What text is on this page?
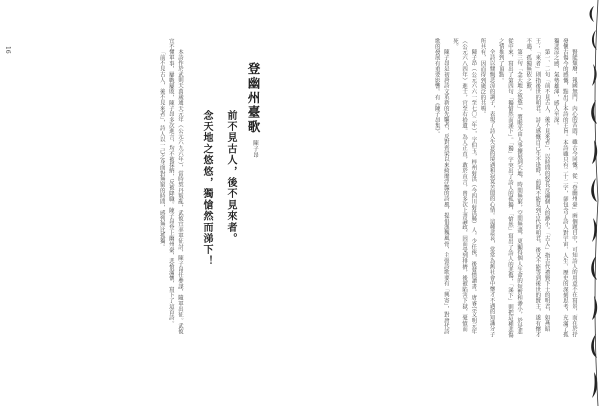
16	賢能頹廢，報國無門，內心的苦悶，雖古今同慨。從「登幽州臺」兩個題目中，可知詩人的用意不在寫景，而在於抒發懷古傷今的感慨，點出了本詩的主旨。本詩雖只有二十二字，卻包含了詩人對宇宙、人生、歷史的深刻思考，充滿了孤獨悲涼之感，氣勢雄渾，感人至深。

第一、二句「前不見古人，後不見來者」，以時間的悠長反襯個人的渺小。「古人」指古代禮賢下士的明君，如燕昭王；「來者」則指後世的明君。詩人感慨自己生不逢時，前既不能見到古代的明君，後又不能等到後世的賢主，遂有懷才不遇、孤獨無依之歎。

第三句「念天地之悠悠」，將眼光由人事擴展到天地，時間無窮，空間無盡，更顯得個人生命的短暫和渺小，於是悲從中來，寫出了第四句「獨愴然而涕下」。「獨」字突出了詩人的孤獨，「愴然」寫出了詩人的悲傷，「涕下」則把這種悲傷之情推到了頂點。

全詩以慷慨悲涼的調子，表現了詩人失意的境遇和寂寞苦悶的心情。這種悲哀，常常為舊社會中懷才不遇的知識分子所共有，因而得到廣泛的共鳴。

陳子昂（公元六六一至七〇二年），字伯玉，梓州射洪（今四川射洪縣）人。少任俠，後發憤讀書。唐睿宗文明元年（公元六八四年）進士，官至右拾遺。為人正直，敢於直言，曾多次上書論政，因而受到排擠，後被陷害下獄，憂憤而死。

陳子昂是初唐詩文革新的先驅者，反對齊梁以來綺靡浮豔的詩風，提倡漢魏風骨，主張詩歌要有「興寄」，對唐代詩歌的發展有重要影響。有《陳子昂集》。

登幽州臺歌
陳子昂
前不見古人，後不見來者。
念天地之悠悠，獨愴然而涕下！

本詩作於武則天萬歲通天元年（公元六九六年），當時契丹叛亂，武攸宜率軍征討，陳子昂任參謀，隨軍出征。武攸宜不懂軍事，屢戰屢敗，陳子昂多次進言，均不被採納，反被降職。陳子昂登上幽州臺，悲憤滿懷，寫下了這首詩。

「前不見古人，後不見來者」，詩人以一己之身面對無窮的時間，感到無比孤獨。
